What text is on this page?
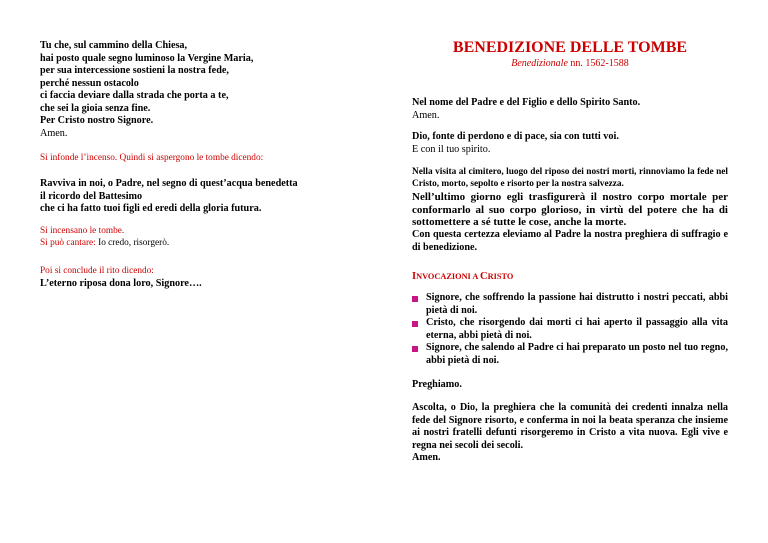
Tu che, sul cammino della Chiesa,
hai posto quale segno luminoso la Vergine Maria,
per sua intercessione sostieni la nostra fede,
perché nessun ostacolo
ci faccia deviare dalla strada che porta a te,
che sei la gioia senza fine.
Per Cristo nostro Signore.
Amen.
Si infonde l’incenso. Quindi si aspergono le tombe dicendo:
Ravviva in noi, o Padre, nel segno di quest’acqua benedetta
il ricordo del Battesimo
che ci ha fatto tuoi figli ed eredi della gloria futura.
Si incensano le tombe.
Si può cantare: Io credo, risorgerò.
Poi si conclude il rito dicendo:
L’eterno riposa dona loro, Signore….
BENEDIZIONE DELLE TOMBE
Benedizionale nn. 1562-1588
Nel nome del Padre e del Figlio e dello Spirito Santo.
Amen.
Dio, fonte di perdono e di pace, sia con tutti voi.
E con il tuo spirito.
Nella visita al cimitero, luogo del riposo dei nostri morti, rinnoviamo la fede nel Cristo, morto, sepolto e risorto per la nostra salvezza.
Nell’ultimo giorno egli trasfigurerà il nostro corpo mortale per conformarlo al suo corpo glorioso, in virtù del potere che ha di sottomettere a sé tutte le cose, anche la morte.
Con questa certezza eleviamo al Padre la nostra preghiera di suffragio e di benedizione.
INVOCAZIONI A CRISTO
Signore, che soffrendo la passione hai distrutto i nostri peccati, abbi pietà di noi.
Cristo, che risorgendo dai morti ci hai aperto il passaggio alla vita eterna, abbi pietà di noi.
Signore, che salendo al Padre ci hai preparato un posto nel tuo regno, abbi pietà di noi.
Preghiamo.
Ascolta, o Dio, la preghiera che la comunità dei credenti innalza nella fede del Signore risorto, e conferma in noi la beata speranza che insieme ai nostri fratelli defunti risorgeremo in Cristo a vita nuova. Egli vive e regna nei secoli dei secoli.
Amen.
